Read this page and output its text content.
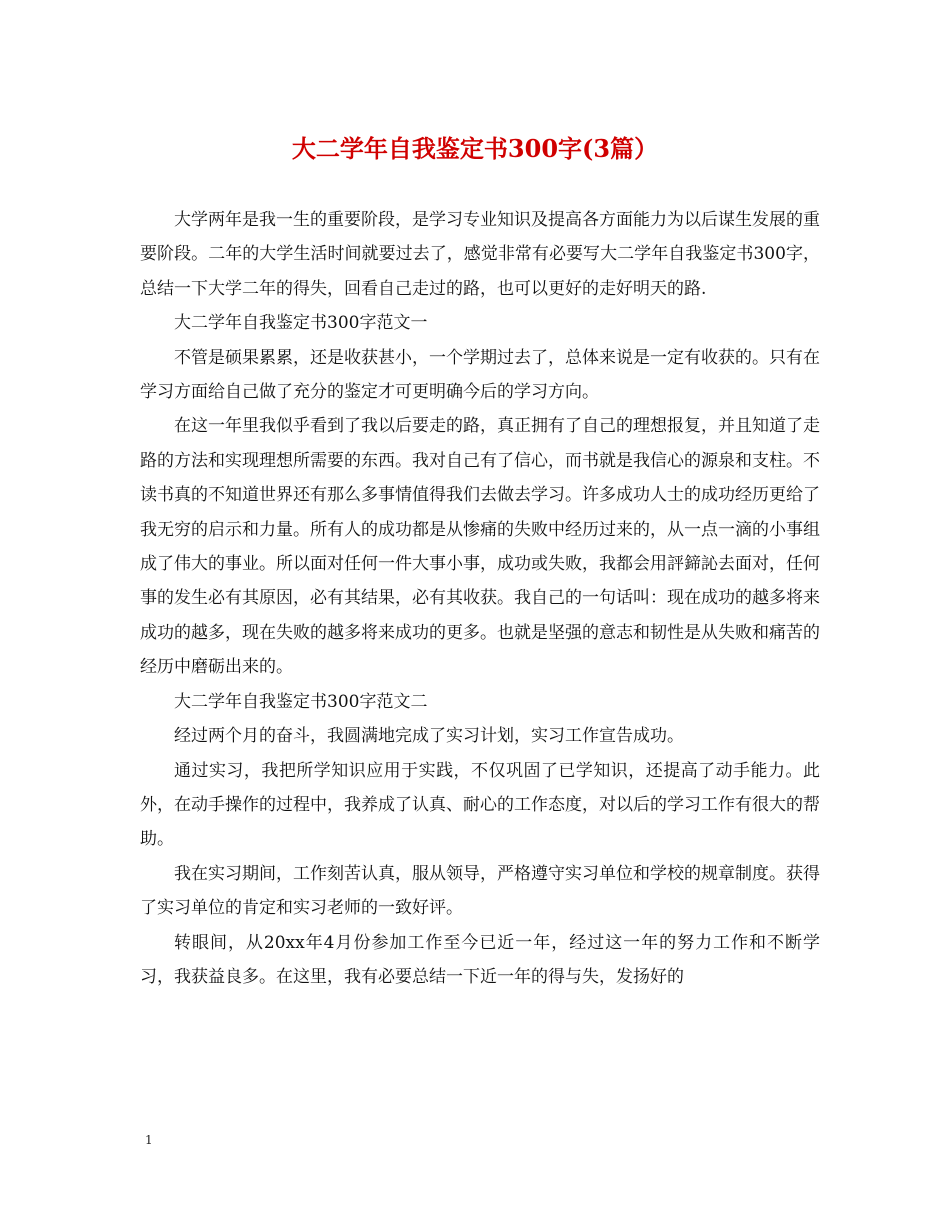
大二学年自我鉴定书300字(3篇）

大学两年是我一生的重要阶段，是学习专业知识及提高各方面能力为以后谋生发展的重要阶段。二年的大学生活时间就要过去了，感觉非常有必要写大二学年自我鉴定书300字，总结一下大学二年的得失，回看自己走过的路，也可以更好的走好明天的路.

大二学年自我鉴定书300字范文一

不管是硕果累累，还是收获甚小，一个学期过去了，总体来说是一定有收获的。只有在学习方面给自己做了充分的鉴定才可更明确今后的学习方向。

在这一年里我似乎看到了我以后要走的路，真正拥有了自己的理想报复，并且知道了走路的方法和实现理想所需要的东西。我对自己有了信心，而书就是我信心的源泉和支柱。不读书真的不知道世界还有那么多事情值得我们去做去学习。许多成功人士的成功经历更给了我无穷的启示和力量。所有人的成功都是从惨痛的失败中经历过来的，从一点一滴的小事组成了伟大的事业。所以面对任何一件大事小事，成功或失败，我都会用評鍗訫去面对，任何事的发生必有其原因，必有其结果，必有其收获。我自己的一句话叫：现在成功的越多将来成功的越多，现在失败的越多将来成功的更多。也就是坚强的意志和韧性是从失败和痛苦的经历中磨砺出来的。

大二学年自我鉴定书300字范文二

经过两个月的奋斗，我圆满地完成了实习计划，实习工作宣告成功。

通过实习，我把所学知识应用于实践，不仅巩固了已学知识，还提高了动手能力。此外，在动手操作的过程中，我养成了认真、耐心的工作态度，对以后的学习工作有很大的帮助。

我在实习期间，工作刻苦认真，服从领导，严格遵守实习单位和学校的规章制度。获得了实习单位的肯定和实习老师的一致好评。

转眼间，从20xx年4月份参加工作至今已近一年，经过这一年的努力工作和不断学习，我获益良多。在这里，我有必要总结一下近一年的得与失，发扬好的

1
